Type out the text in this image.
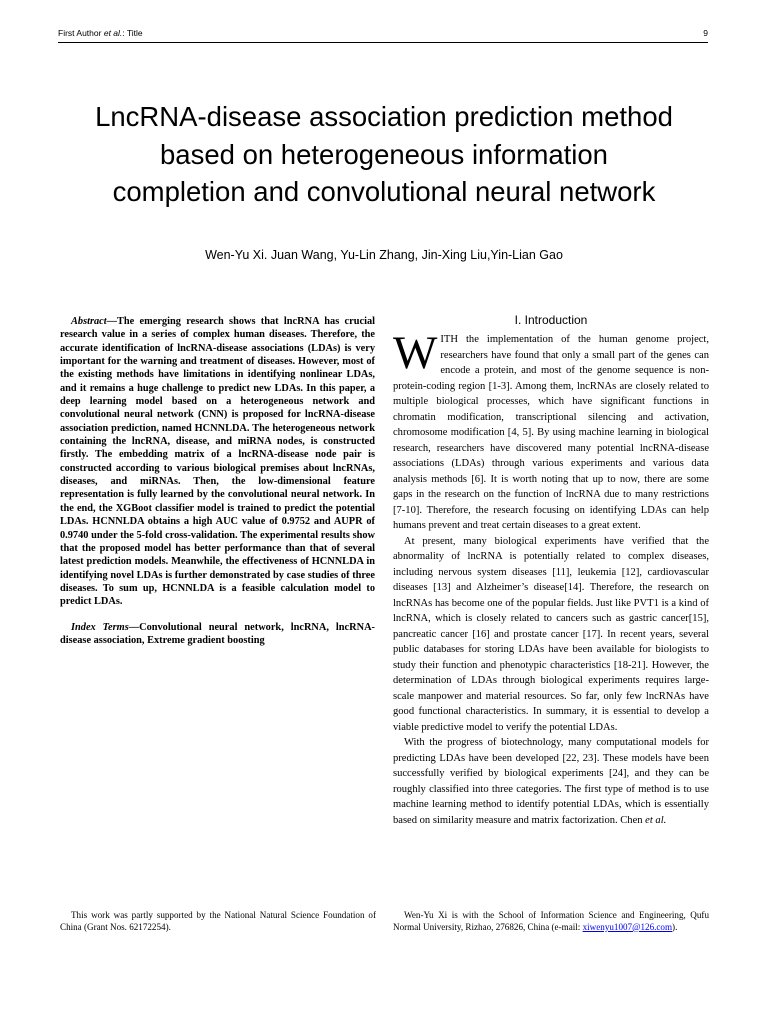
First Author et al.: Title	9
LncRNA-disease association prediction method based on heterogeneous information completion and convolutional neural network
Wen-Yu Xi. Juan Wang, Yu-Lin Zhang, Jin-Xing Liu,Yin-Lian Gao

Abstract—The emerging research shows that lncRNA has crucial research value in a series of complex human diseases. Therefore, the accurate identification of lncRNA-disease associations (LDAs) is very important for the warning and treatment of diseases. However, most of the existing methods have limitations in identifying nonlinear LDAs, and it remains a huge challenge to predict new LDAs. In this paper, a deep learning model based on a heterogeneous network and convolutional neural network (CNN) is proposed for lncRNA-disease association prediction, named HCNNLDA. The heterogeneous network containing the lncRNA, disease, and miRNA nodes, is constructed firstly. The embedding matrix of a lncRNA-disease node pair is constructed according to various biological premises about lncRNAs, diseases, and miRNAs. Then, the low-dimensional feature representation is fully learned by the convolutional neural network. In the end, the XGBoot classifier model is trained to predict the potential LDAs. HCNNLDA obtains a high AUC value of 0.9752 and AUPR of 0.9740 under the 5-fold cross-validation. The experimental results show that the proposed model has better performance than that of several latest prediction models. Meanwhile, the effectiveness of HCNNLDA in identifying novel LDAs is further demonstrated by case studies of three diseases. To sum up, HCNNLDA is a feasible calculation model to predict LDAs.

Index Terms—Convolutional neural network, lncRNA, lncRNA-disease association, Extreme gradient boosting

I. Introduction

WITH the implementation of the human genome project, researchers have found that only a small part of the genes can encode a protein, and most of the genome sequence is non-protein-coding region [1-3]. Among them, lncRNAs are closely related to multiple biological processes, which have significant functions in chromatin modification, transcriptional silencing and activation, chromosome modification [4, 5]. By using machine learning in biological research, researchers have discovered many potential lncRNA-disease associations (LDAs) through various experiments and various data analysis methods [6]. It is worth noting that up to now, there are some gaps in the research on the function of lncRNA due to many restrictions [7-10]. Therefore, the research focusing on identifying LDAs can help humans prevent and treat certain diseases to a great extent.

At present, many biological experiments have verified that the abnormality of lncRNA is potentially related to complex diseases, including nervous system diseases [11], leukemia [12], cardiovascular diseases [13] and Alzheimer’s disease[14]. Therefore, the research on lncRNAs has become one of the popular fields. Just like PVT1 is a kind of lncRNA, which is closely related to cancers such as gastric cancer[15], pancreatic cancer [16] and prostate cancer [17]. In recent years, several public databases for storing LDAs have been available for biologists to study their function and phenotypic characteristics [18-21]. However, the determination of LDAs through biological experiments requires large-scale manpower and material resources. So far, only few lncRNAs have good functional characteristics. In summary, it is essential to develop a viable predictive model to verify the potential LDAs.

With the progress of biotechnology, many computational models for predicting LDAs have been developed [22, 23]. These models have been successfully verified by biological experiments [24], and they can be roughly classified into three categories. The first type of method is to use machine learning method to identify potential LDAs, which is essentially based on similarity measure and matrix factorization. Chen et al.

This work was partly supported by the National Natural Science Foundation of China (Grant Nos. 62172254).

Wen-Yu Xi is with the School of Information Science and Engineering, Qufu Normal University, Rizhao, 276826, China (e-mail: xiwenyu1007@126.com).
